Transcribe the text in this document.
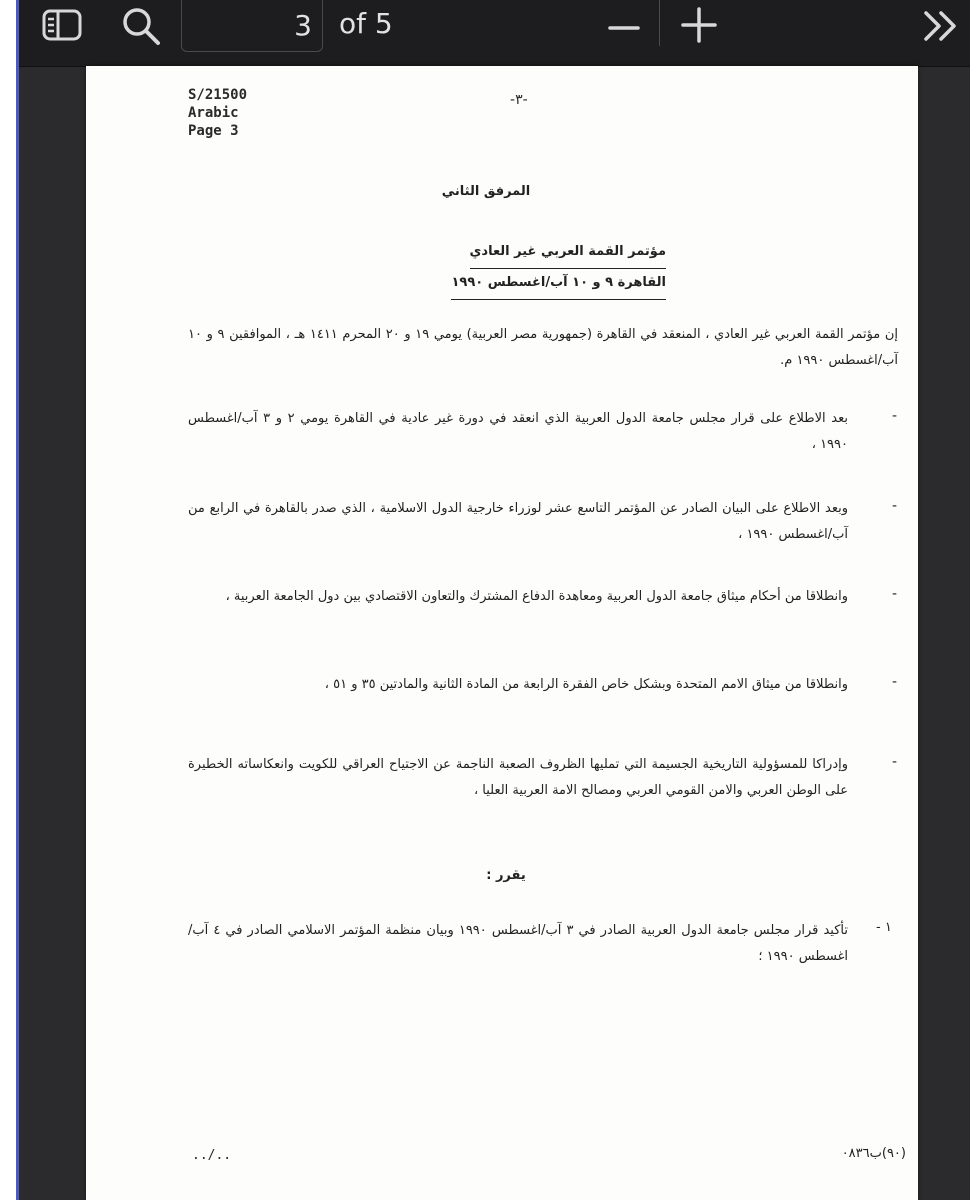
3
of 5
S/21500
Arabic
Page 3
-٣-
المرفق الثاني
مؤتمر القمة العربي غير العادي
القاهرة ٩ و ١٠ آب/اغسطس ١٩٩٠
إن مؤتمر القمة العربي غير العادي ، المنعقد في القاهرة (جمهورية مصر العربية) يومي ١٩ و ٢٠ المحرم ١٤١١ هـ ، الموافقين ٩ و ١٠ آب/اغسطس ١٩٩٠ م.
-
بعد الاطلاع على قرار مجلس جامعة الدول العربية الذي انعقد في دورة غير عادية في القاهرة يومي ٢ و ٣ آب/اغسطس ١٩٩٠ ،
-
وبعد الاطلاع على البيان الصادر عن المؤتمر التاسع عشر لوزراء خارجية الدول الاسلامية ، الذي صدر بالقاهرة في الرابع من آب/اغسطس ١٩٩٠ ،
-
وانطلاقا من أحكام ميثاق جامعة الدول العربية ومعاهدة الدفاع المشترك والتعاون الاقتصادي بين دول الجامعة العربية ،
-
وانطلاقا من ميثاق الامم المتحدة وبشكل خاص الفقرة الرابعة من المادة الثانية والمادتين ٣٥ و ٥١ ،
-
وإدراكا للمسؤولية التاريخية الجسيمة التي تمليها الظروف الصعبة الناجمة عن الاجتياح العراقي للكويت وانعكاساته الخطيرة على الوطن العربي والامن القومي العربي ومصالح الامة العربية العليا ،
يقرر :
١ -
تأكيد قرار مجلس جامعة الدول العربية الصادر في ٣ آب/اغسطس ١٩٩٠ وبيان منظمة المؤتمر الاسلامي الصادر في ٤ آب/اغسطس ١٩٩٠ ؛
../..	(٩٠)ب٠٨٣٦
